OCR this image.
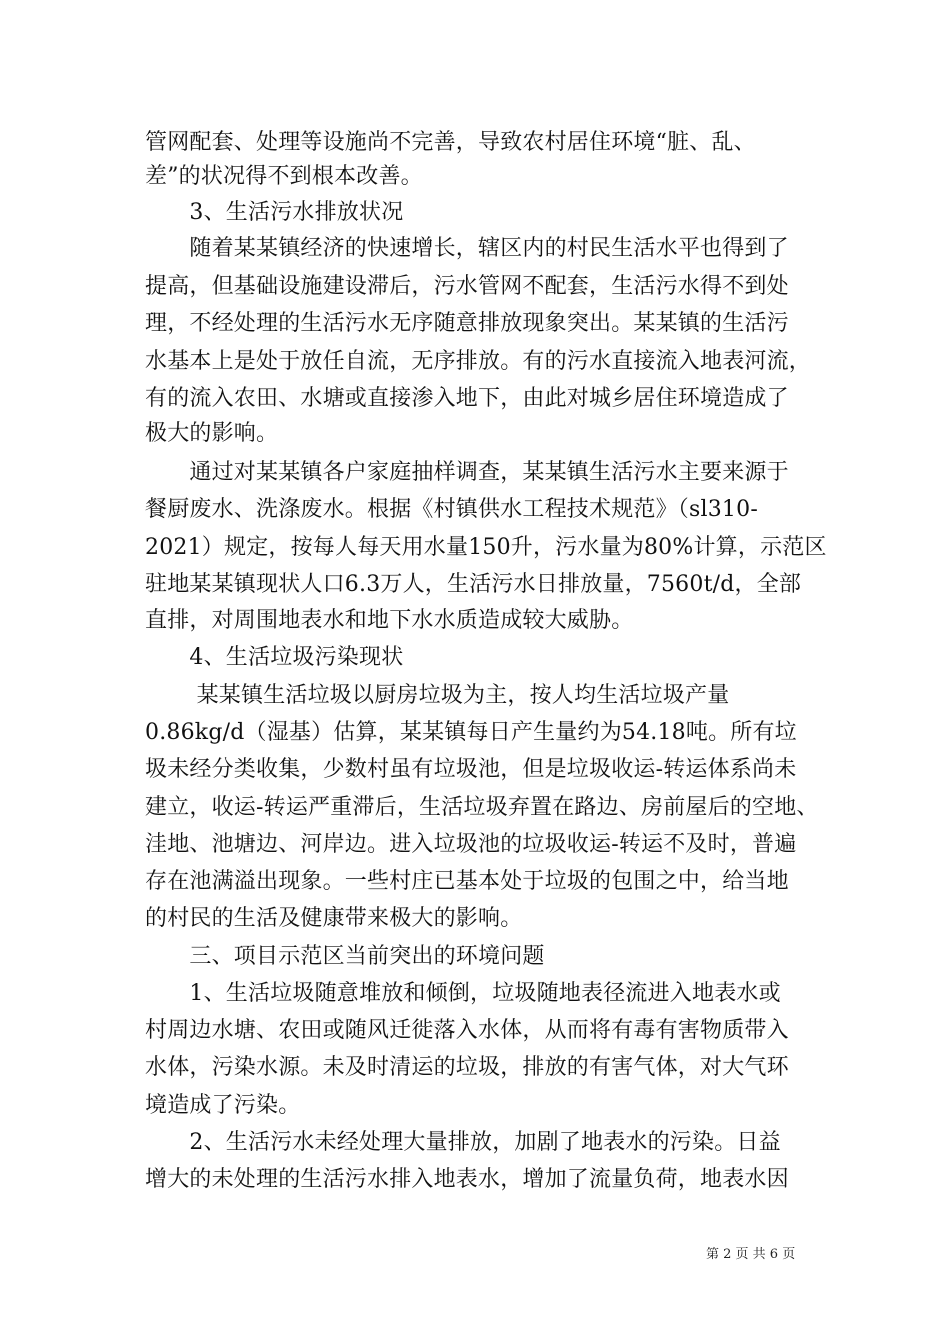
管网配套、处理等设施尚不完善，导致农村居住环境“脏、乱、
差”的状况得不到根本改善。
　　3、生活污水排放状况
　　随着某某镇经济的快速增长，辖区内的村民生活水平也得到了
提高，但基础设施建设滞后，污水管网不配套，生活污水得不到处
理，不经处理的生活污水无序随意排放现象突出。某某镇的生活污
水基本上是处于放任自流，无序排放。有的污水直接流入地表河流，
有的流入农田、水塘或直接渗入地下，由此对城乡居住环境造成了
极大的影响。
　　通过对某某镇各户家庭抽样调查，某某镇生活污水主要来源于
餐厨废水、洗涤废水。根据《村镇供水工程技术规范》（sl310-
2021）规定，按每人每天用水量150升，污水量为80%计算，示范区
驻地某某镇现状人口6.3万人，生活污水日排放量，7560t/d，全部
直排，对周围地表水和地下水水质造成较大威胁。
　　4、生活垃圾污染现状
　　 某某镇生活垃圾以厨房垃圾为主，按人均生活垃圾产量
0.86kg/d（湿基）估算，某某镇每日产生量约为54.18吨。所有垃
圾未经分类收集，少数村虽有垃圾池，但是垃圾收运-转运体系尚未
建立，收运-转运严重滞后，生活垃圾弃置在路边、房前屋后的空地、
洼地、池塘边、河岸边。进入垃圾池的垃圾收运-转运不及时，普遍
存在池满溢出现象。一些村庄已基本处于垃圾的包围之中，给当地
的村民的生活及健康带来极大的影响。
　　三、项目示范区当前突出的环境问题
　　1、生活垃圾随意堆放和倾倒，垃圾随地表径流进入地表水或
村周边水塘、农田或随风迁徙落入水体，从而将有毒有害物质带入
水体，污染水源。未及时清运的垃圾，排放的有害气体，对大气环
境造成了污染。
　　2、生活污水未经处理大量排放，加剧了地表水的污染。日益
增大的未处理的生活污水排入地表水，增加了流量负荷，地表水因
第 2 页 共 6 页
